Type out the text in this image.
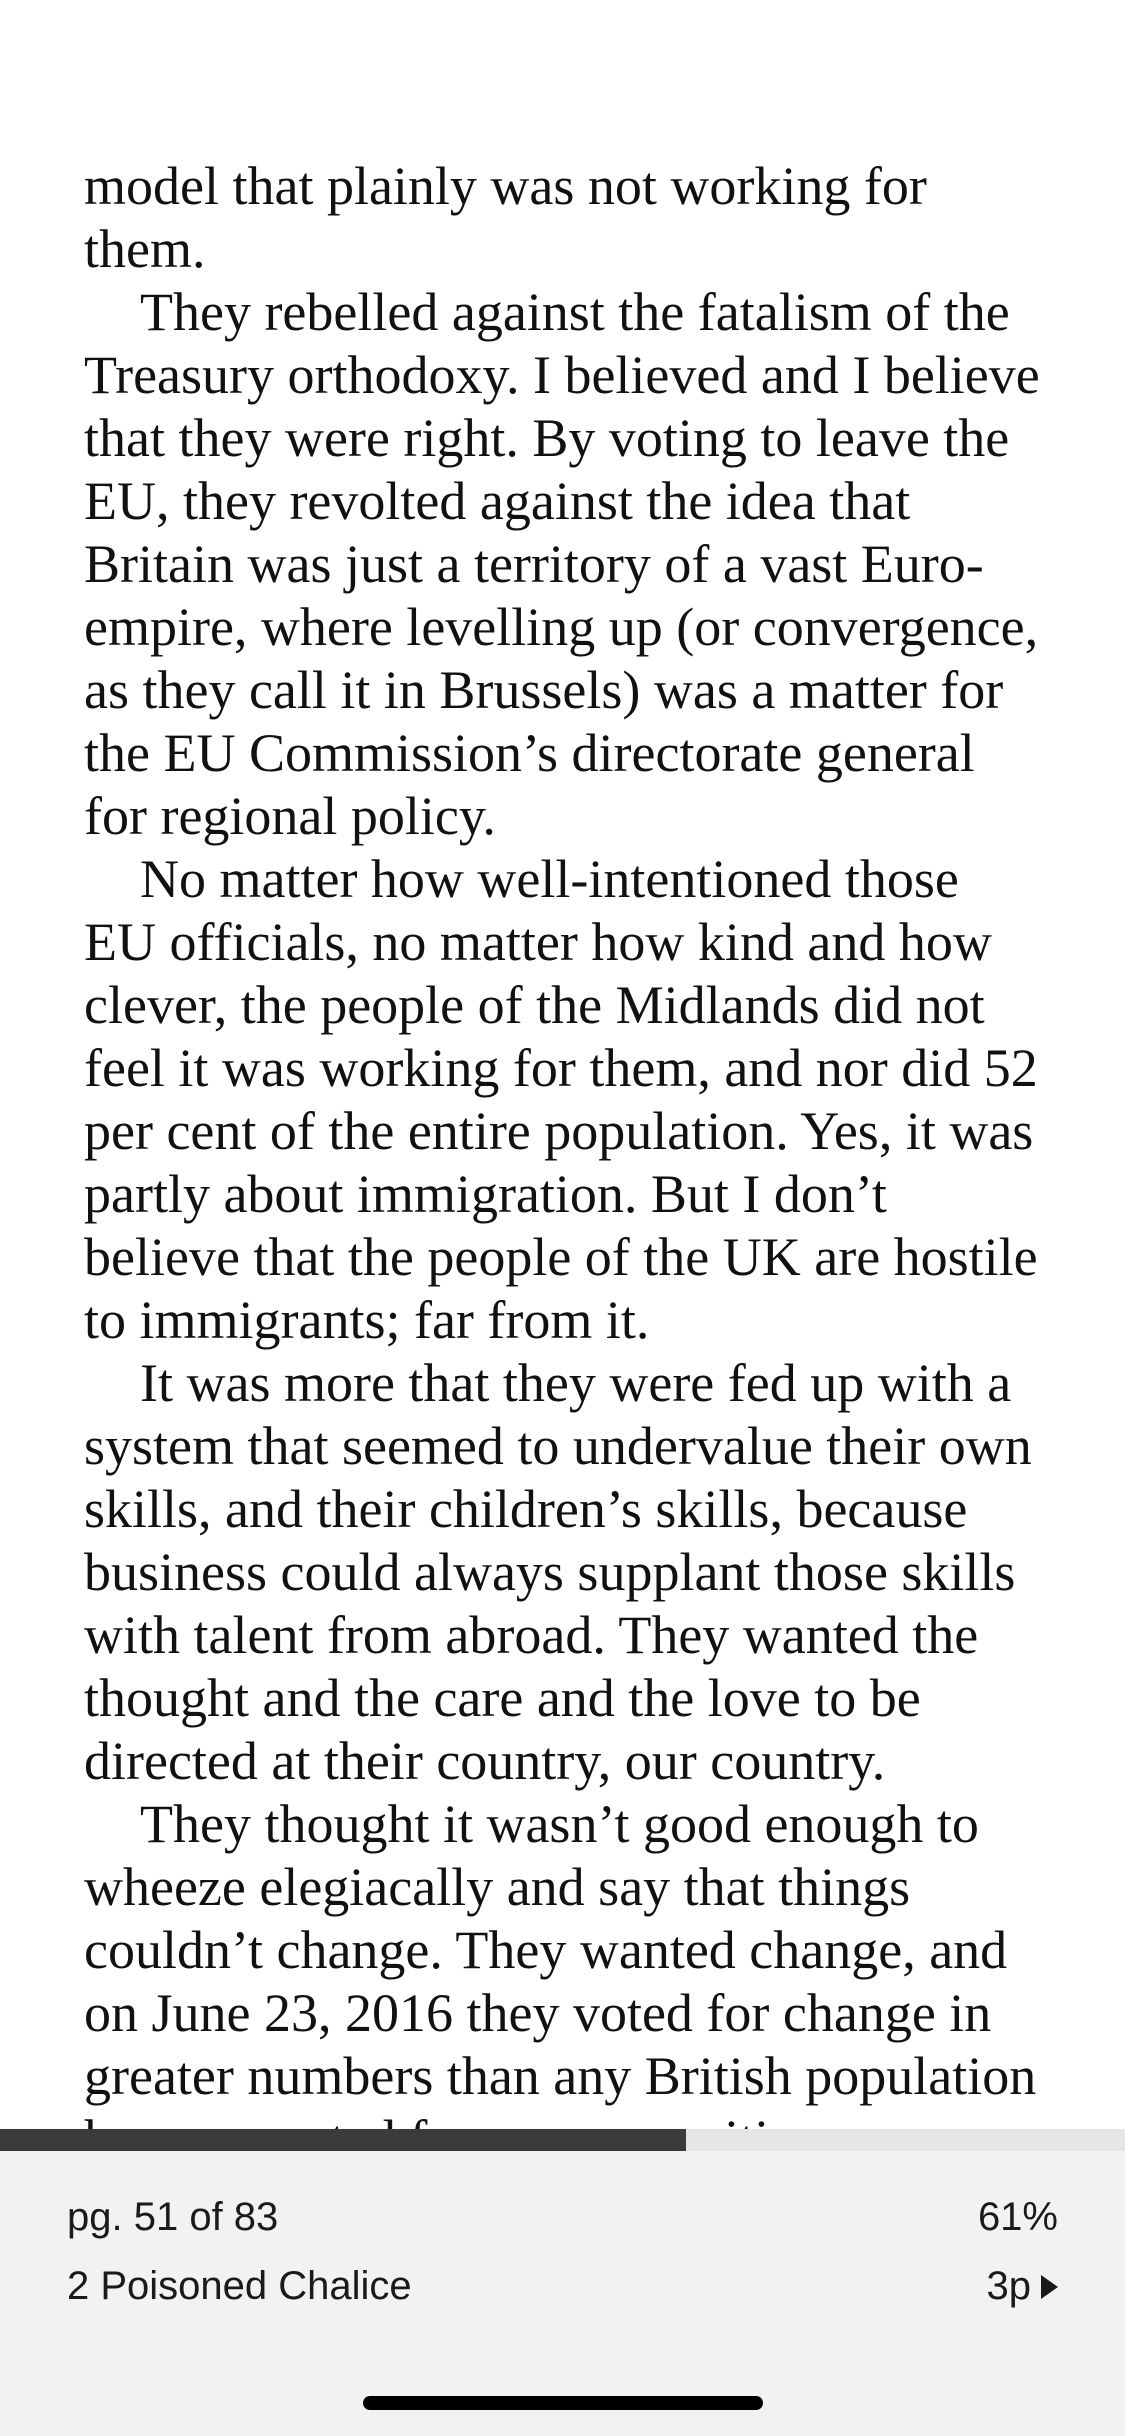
model that plainly was not working for
them.
They rebelled against the fatalism of the
Treasury orthodoxy. I believed and I believe
that they were right. By voting to leave the
EU, they revolted against the idea that
Britain was just a territory of a vast Euro-
empire, where levelling up (or convergence,
as they call it in Brussels) was a matter for
the EU Commission’s directorate general
for regional policy.
No matter how well-intentioned those
EU officials, no matter how kind and how
clever, the people of the Midlands did not
feel it was working for them, and nor did 52
per cent of the entire population. Yes, it was
partly about immigration. But I don’t
believe that the people of the UK are hostile
to immigrants; far from it.
It was more that they were fed up with a
system that seemed to undervalue their own
skills, and their children’s skills, because
business could always supplant those skills
with talent from abroad. They wanted the
thought and the care and the love to be
directed at their country, our country.
They thought it wasn’t good enough to
wheeze elegiacally and say that things
couldn’t change. They wanted change, and
on June 23, 2016 they voted for change in
greater numbers than any British population
pg. 51 of 83
2 Poisoned Chalice
61%
3p
